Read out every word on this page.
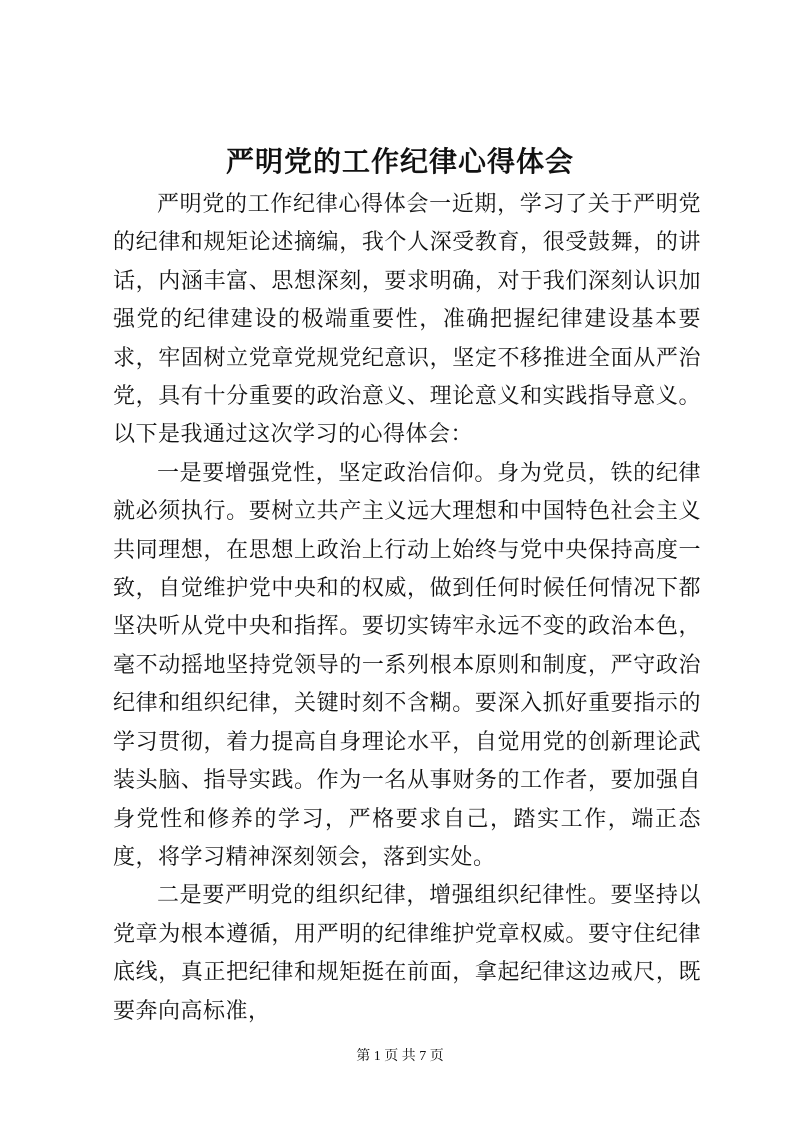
严明党的工作纪律心得体会

严明党的工作纪律心得体会一近期，学习了关于严明党的纪律和规矩论述摘编，我个人深受教育，很受鼓舞，的讲话，内涵丰富、思想深刻，要求明确，对于我们深刻认识加强党的纪律建设的极端重要性，准确把握纪律建设基本要求，牢固树立党章党规党纪意识，坚定不移推进全面从严治党，具有十分重要的政治意义、理论意义和实践指导意义。以下是我通过这次学习的心得体会：

一是要增强党性，坚定政治信仰。身为党员，铁的纪律就必须执行。要树立共产主义远大理想和中国特色社会主义共同理想，在思想上政治上行动上始终与党中央保持高度一致，自觉维护党中央和的权威，做到任何时候任何情况下都坚决听从党中央和指挥。要切实铸牢永远不变的政治本色，毫不动摇地坚持党领导的一系列根本原则和制度，严守政治纪律和组织纪律，关键时刻不含糊。要深入抓好重要指示的学习贯彻，着力提高自身理论水平，自觉用党的创新理论武装头脑、指导实践。作为一名从事财务的工作者，要加强自身党性和修养的学习，严格要求自己，踏实工作，端正态度，将学习精神深刻领会，落到实处。

二是要严明党的组织纪律，增强组织纪律性。要坚持以党章为根本遵循，用严明的纪律维护党章权威。要守住纪律底线，真正把纪律和规矩挺在前面，拿起纪律这边戒尺，既要奔向高标准，

第 1 页 共 7 页
